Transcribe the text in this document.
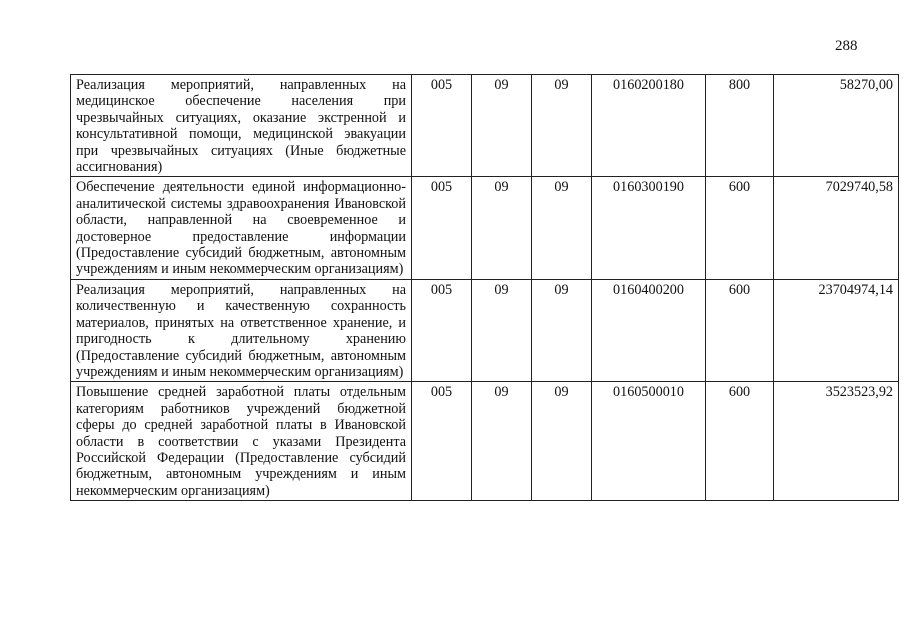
288
Реализация мероприятий, направленных на медицинское обеспечение населения при чрезвычайных ситуациях, оказание экстренной и консультативной помощи, медицинской эвакуации при чрезвычайных ситуациях (Иные бюджетные ассигнования)	005	09	09	0160200180	800	58270,00
Обеспечение деятельности единой информационно-аналитической системы здравоохранения Ивановской области, направленной на своевременное и достоверное предоставление информации (Предоставление субсидий бюджетным, автономным учреждениям и иным некоммерческим организациям)	005	09	09	0160300190	600	7029740,58
Реализация мероприятий, направленных на количественную и качественную сохранность материалов, принятых на ответственное хранение, и пригодность к длительному хранению (Предоставление субсидий бюджетным, автономным учреждениям и иным некоммерческим организациям)	005	09	09	0160400200	600	23704974,14
Повышение средней заработной платы отдельным категориям работников учреждений бюджетной сферы до средней заработной платы в Ивановской области в соответствии с указами Президента Российской Федерации (Предоставление субсидий бюджетным, автономным учреждениям и иным некоммерческим организациям)	005	09	09	0160500010	600	3523523,92
